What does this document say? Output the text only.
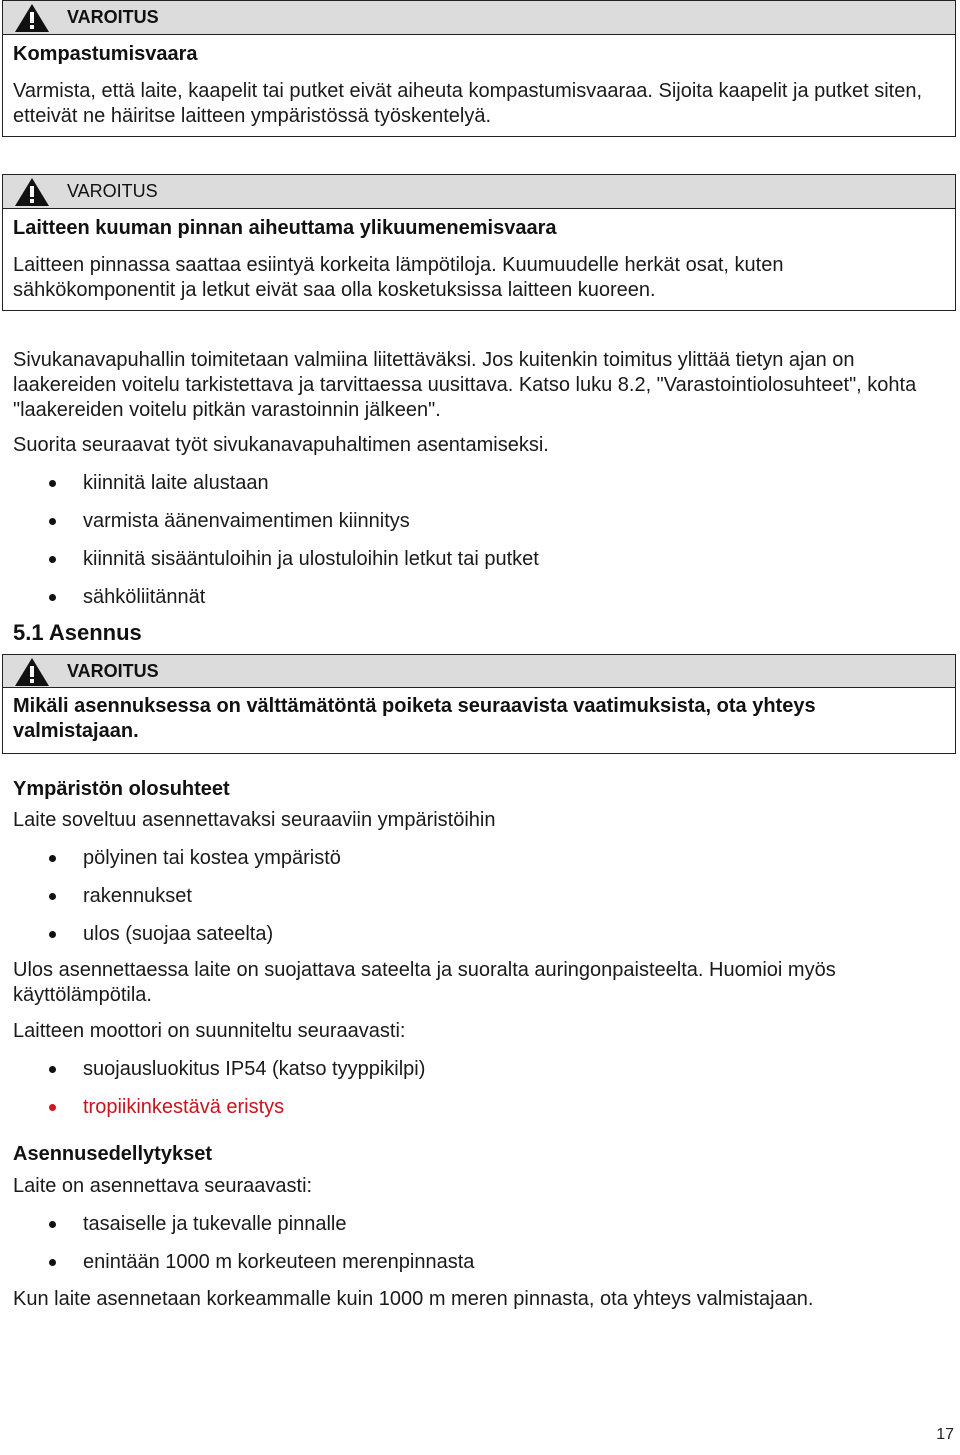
VAROITUS
Kompastumisvaara
Varmista, että laite, kaapelit tai putket eivät aiheuta kompastumisvaaraa. Sijoita kaapelit ja putket siten, etteivät ne häiritse laitteen ympäristössä työskentelyä.
VAROITUS
Laitteen kuuman pinnan aiheuttama ylikuumenemisvaara
Laitteen pinnassa saattaa esiintyä korkeita lämpötiloja. Kuumuudelle herkät osat, kuten sähkökomponentit ja letkut eivät saa olla kosketuksissa laitteen kuoreen.
Sivukanavapuhallin toimitetaan valmiina liitettäväksi. Jos kuitenkin toimitus ylittää tietyn ajan on laakereiden voitelu tarkistettava ja tarvittaessa uusittava. Katso luku 8.2, "Varastointiolosuhteet", kohta "laakereiden voitelu pitkän varastoinnin jälkeen".
Suorita seuraavat työt sivukanavapuhaltimen asentamiseksi.
kiinnitä laite alustaan
varmista äänenvaimentimen kiinnitys
kiinnitä sisääntuloihin ja ulostuloihin letkut tai putket
sähköliitännät
5.1 Asennus
VAROITUS
Mikäli asennuksessa on välttämätöntä poiketa seuraavista vaatimuksista, ota yhteys valmistajaan.
Ympäristön olosuhteet
Laite soveltuu asennettavaksi seuraaviin ympäristöihin
pölyinen tai kostea ympäristö
rakennukset
ulos (suojaa sateelta)
Ulos asennettaessa laite on suojattava sateelta ja suoralta auringonpaisteelta. Huomioi myös käyttölämpötila.
Laitteen moottori on suunniteltu seuraavasti:
suojausluokitus IP54 (katso tyyppikilpi)
tropiikinkestävä eristys
Asennusedellytykset
Laite on asennettava seuraavasti:
tasaiselle ja tukevalle pinnalle
enintään 1000 m korkeuteen merenpinnasta
Kun laite asennetaan korkeammalle kuin 1000 m meren pinnasta, ota yhteys valmistajaan.
17
